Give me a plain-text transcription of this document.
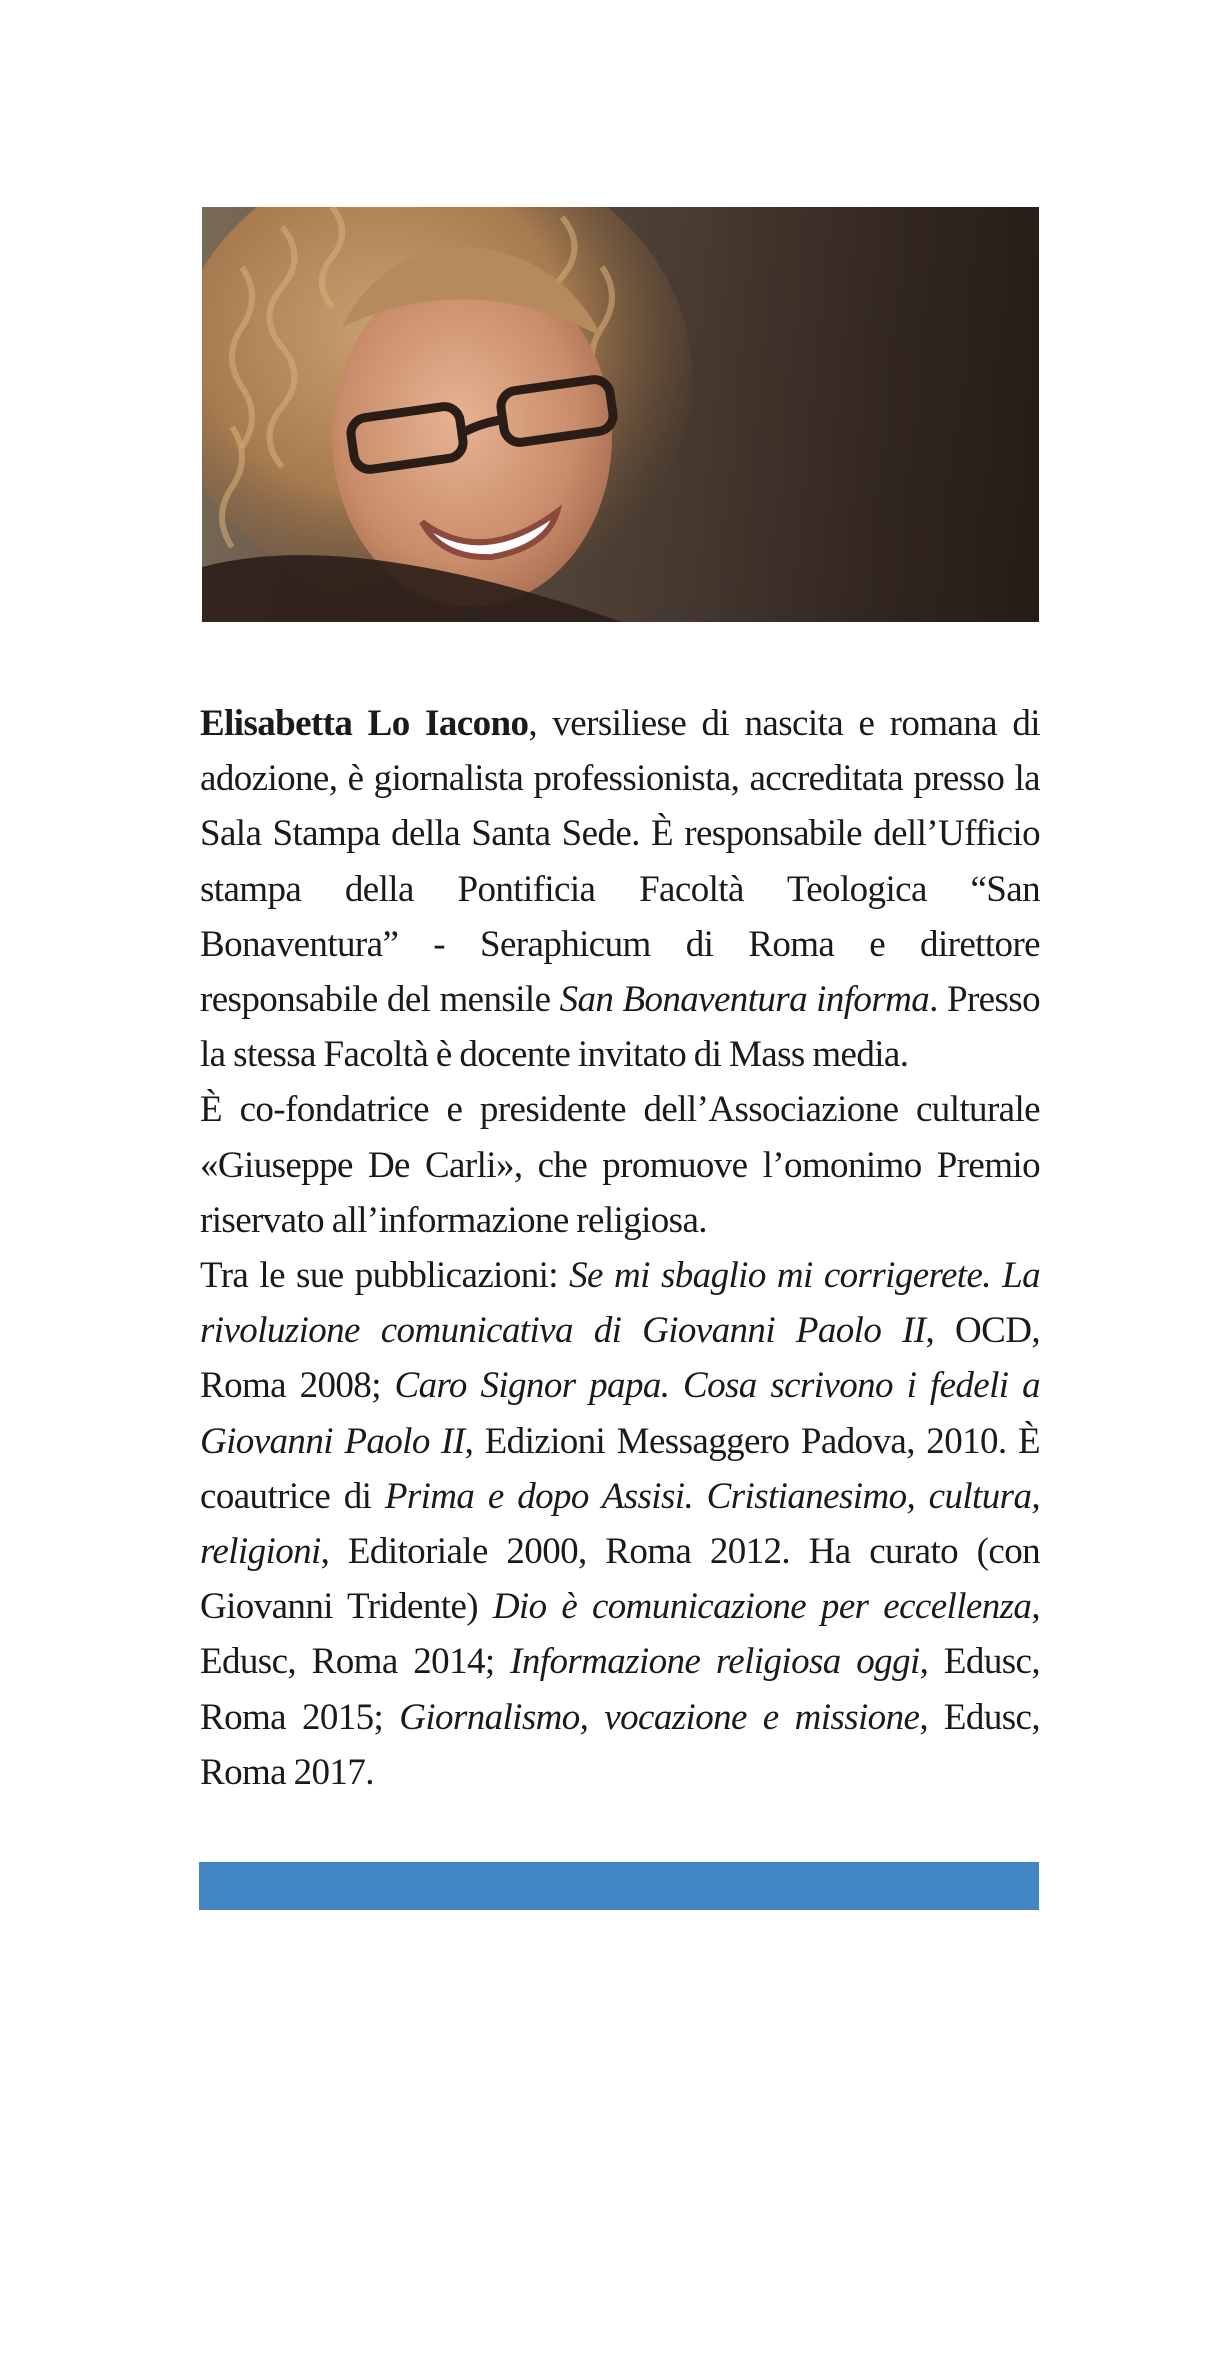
Elisabetta Lo Iacono, versiliese di nascita e romana di adozione, è giornalista professionista, accreditata presso la Sala Stampa della Santa Sede. È responsabile dell’Ufficio stampa della Pontificia Facoltà Teologica “San Bonaventura” - Seraphicum di Roma e direttore responsabile del mensile San Bonaventura informa. Presso la stessa Facoltà è docente invitato di Mass media.

È co-fondatrice e presidente dell’Associazione culturale «Giuseppe De Carli», che promuove l’omonimo Premio riservato all’informazione religiosa.

Tra le sue pubblicazioni: Se mi sbaglio mi corrigerete. La rivoluzione comunicativa di Giovanni Paolo II, OCD, Roma 2008; Caro Signor papa. Cosa scrivono i fedeli a Giovanni Paolo II, Edizioni Messaggero Padova, 2010. È coautrice di Prima e dopo Assisi. Cristianesimo, cultura, religioni, Editoriale 2000, Roma 2012. Ha curato (con Giovanni Tridente) Dio è comunicazione per eccellenza, Edusc, Roma 2014; Informazione religiosa oggi, Edusc, Roma 2015; Giornalismo, vocazione e missione, Edusc, Roma 2017.
